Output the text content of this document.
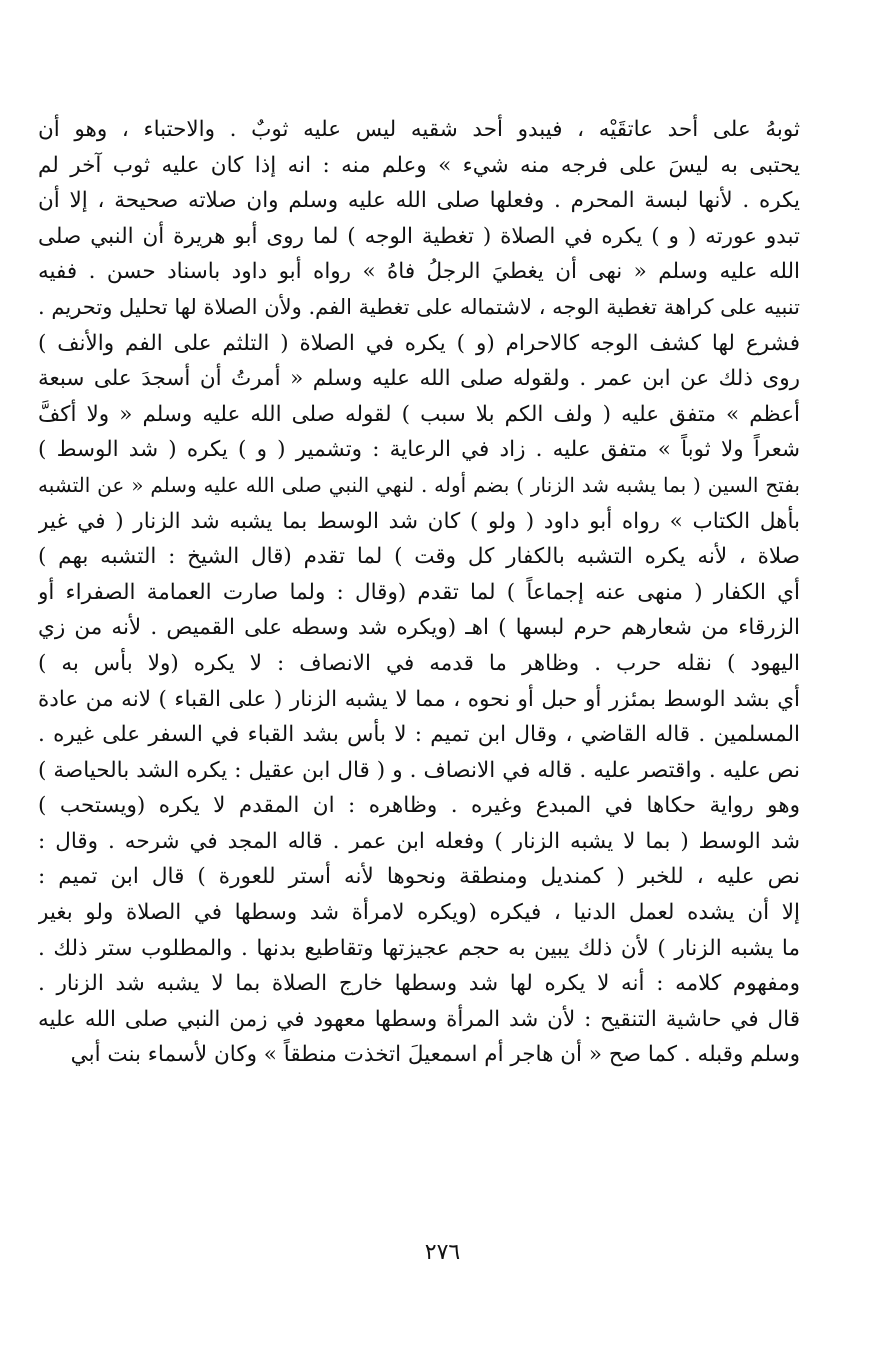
ثوبهُ على أحد عاتقَيْه ، فيبدو أحد شقيه ليس عليه ثوبٌ . والاحتباء ، وهو أن
يحتبى به ليسَ على فرجه منه شيء » وعلم منه : انه إذا كان عليه ثوب آخر لم
يكره . لأنها لبسة المحرم . وفعلها صلى الله عليه وسلم وان صلاته صحيحة ، إلا أن
تبدو عورته ( و ) يكره في الصلاة ( تغطية الوجه ) لما روى أبو هريرة أن النبي صلى
الله عليه وسلم « نهى أن يغطيَ الرجلُ فاهُ » رواه أبو داود باسناد حسن . ففيه
تنبيه على كراهة تغطية الوجه ، لاشتماله على تغطية الفم. ولأن الصلاة لها تحليل وتحريم .
فشرع لها كشف الوجه كالاحرام (و ) يكره في الصلاة ( التلثم على الفم والأنف )
روى ذلك عن ابن عمر . ولقوله صلى الله عليه وسلم « أمرتُ أن أسجدَ على سبعة
أعظم » متفق عليه ( ولف الكم بلا سبب ) لقوله صلى الله عليه وسلم « ولا أكفَّ
شعراً ولا ثوباً » متفق عليه . زاد في الرعاية : وتشمير ( و ) يكره ( شد الوسط )
بفتح السين ( بما يشبه شد الزنار ) بضم أوله . لنهي النبي صلى الله عليه وسلم « عن التشبه
بأهل الكتاب » رواه أبو داود ( ولو ) كان شد الوسط بما يشبه شد الزنار ( في غير
صلاة ، لأنه يكره التشبه بالكفار كل وقت ) لما تقدم (قال الشيخ : التشبه بهم )
أي الكفار ( منهى عنه إجماعاً ) لما تقدم (وقال : ولما صارت العمامة الصفراء أو
الزرقاء من شعارهم حرم لبسها ) اهـ (ويكره شد وسطه على القميص . لأنه من زي
اليهود ) نقله حرب . وظاهر ما قدمه في الانصاف : لا يكره (ولا بأس به )
أي بشد الوسط بمئزر أو حبل أو نحوه ، مما لا يشبه الزنار ( على القباء ) لانه من عادة
المسلمين . قاله القاضي ، وقال ابن تميم : لا بأس بشد القباء في السفر على غيره .
نص عليه . واقتصر عليه . قاله في الانصاف . و ( قال ابن عقيل : يكره الشد بالحياصة )
وهو رواية حكاها في المبدع وغيره . وظاهره : ان المقدم لا يكره (ويستحب )
شد الوسط ( بما لا يشبه الزنار ) وفعله ابن عمر . قاله المجد في شرحه . وقال :
نص عليه ، للخبر ( كمنديل ومنطقة ونحوها لأنه أستر للعورة ) قال ابن تميم :
إلا أن يشده لعمل الدنيا ، فيكره (ويكره لامرأة شد وسطها في الصلاة ولو بغير
ما يشبه الزنار ) لأن ذلك يبين به حجم عجيزتها وتقاطيع بدنها . والمطلوب ستر ذلك .
ومفهوم كلامه : أنه لا يكره لها شد وسطها خارج الصلاة بما لا يشبه شد الزنار .
قال في حاشية التنقيح : لأن شد المرأة وسطها معهود في زمن النبي صلى الله عليه
وسلم وقبله . كما صح « أن هاجر أم اسمعيلَ اتخذت منطقاً » وكان لأسماء بنت أبي
٢٧٦
